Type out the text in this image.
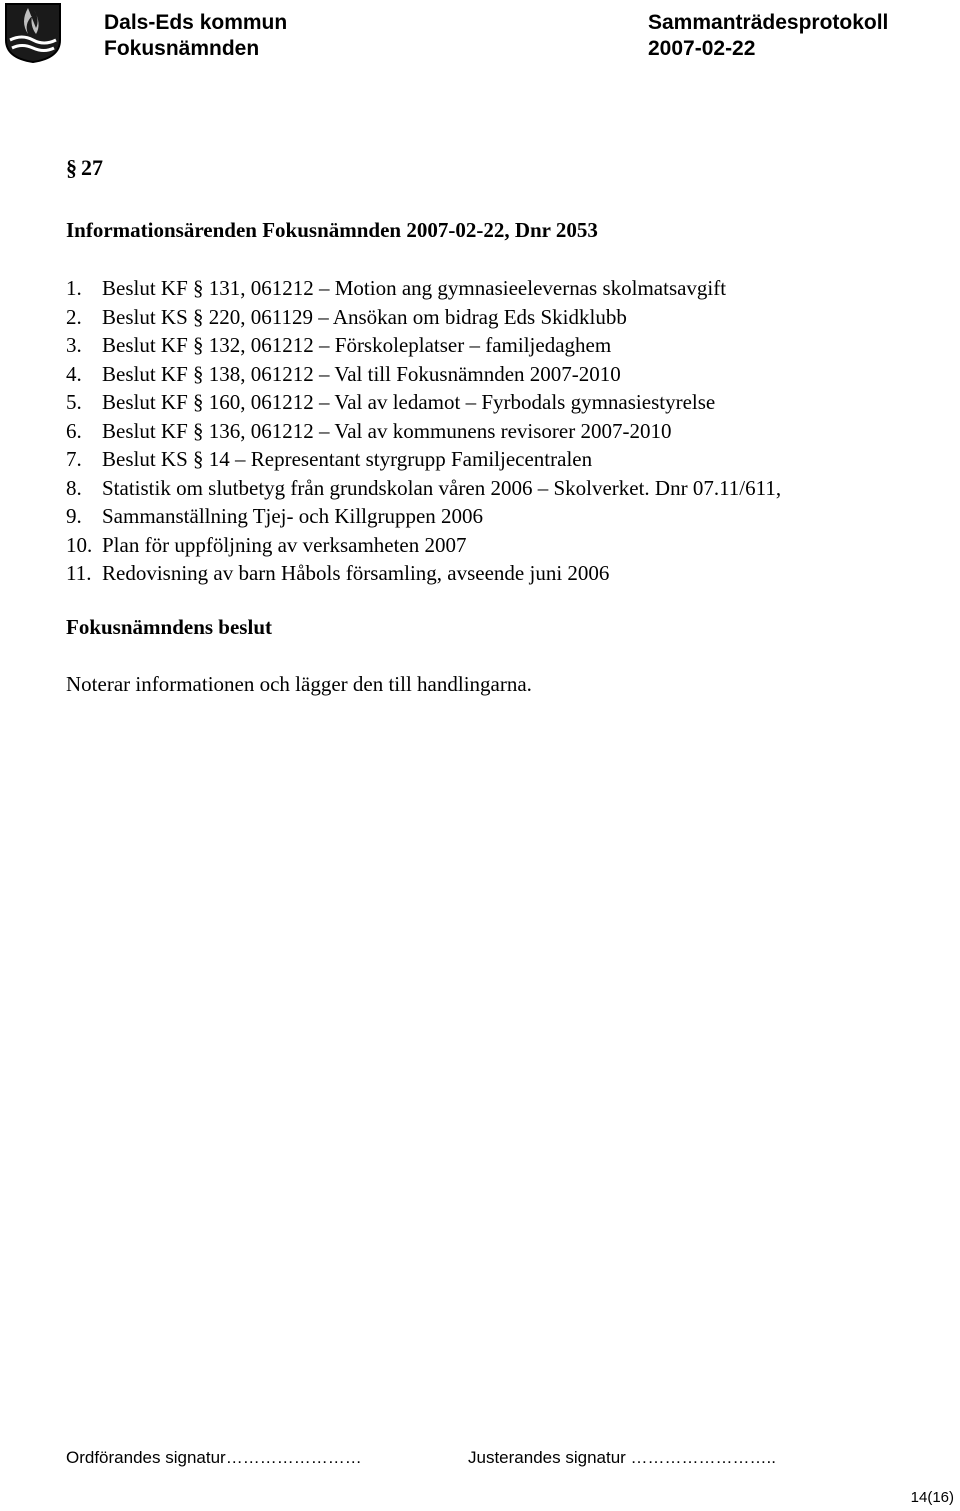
Dals-Eds kommun
Fokusnämnden
Sammanträdesprotokoll
2007-02-22
§ 27
Informationsärenden Fokusnämnden 2007-02-22, Dnr 2053
1. Beslut KF § 131, 061212 – Motion ang gymnasieelevernas skolmatsavgift
2. Beslut KS § 220, 061129 – Ansökan om bidrag Eds Skidklubb
3. Beslut KF § 132, 061212 – Förskoleplatser – familjedaghem
4. Beslut KF § 138, 061212 – Val till Fokusnämnden 2007-2010
5. Beslut KF § 160, 061212 – Val av ledamot – Fyrbodals gymnasiestyrelse
6. Beslut KF § 136, 061212 – Val av kommunens revisorer 2007-2010
7. Beslut KS § 14 – Representant styrgrupp Familjecentralen
8. Statistik om slutbetyg från grundskolan våren 2006 – Skolverket. Dnr 07.11/611,
9. Sammanställning Tjej- och Killgruppen 2006
10. Plan för uppföljning av verksamheten 2007
11. Redovisning av barn Håbols församling, avseende juni 2006
Fokusnämndens beslut
Noterar informationen och lägger den till handlingarna.
Ordförandes signatur……………………	Justerandes signatur ……………………..
14(16)
